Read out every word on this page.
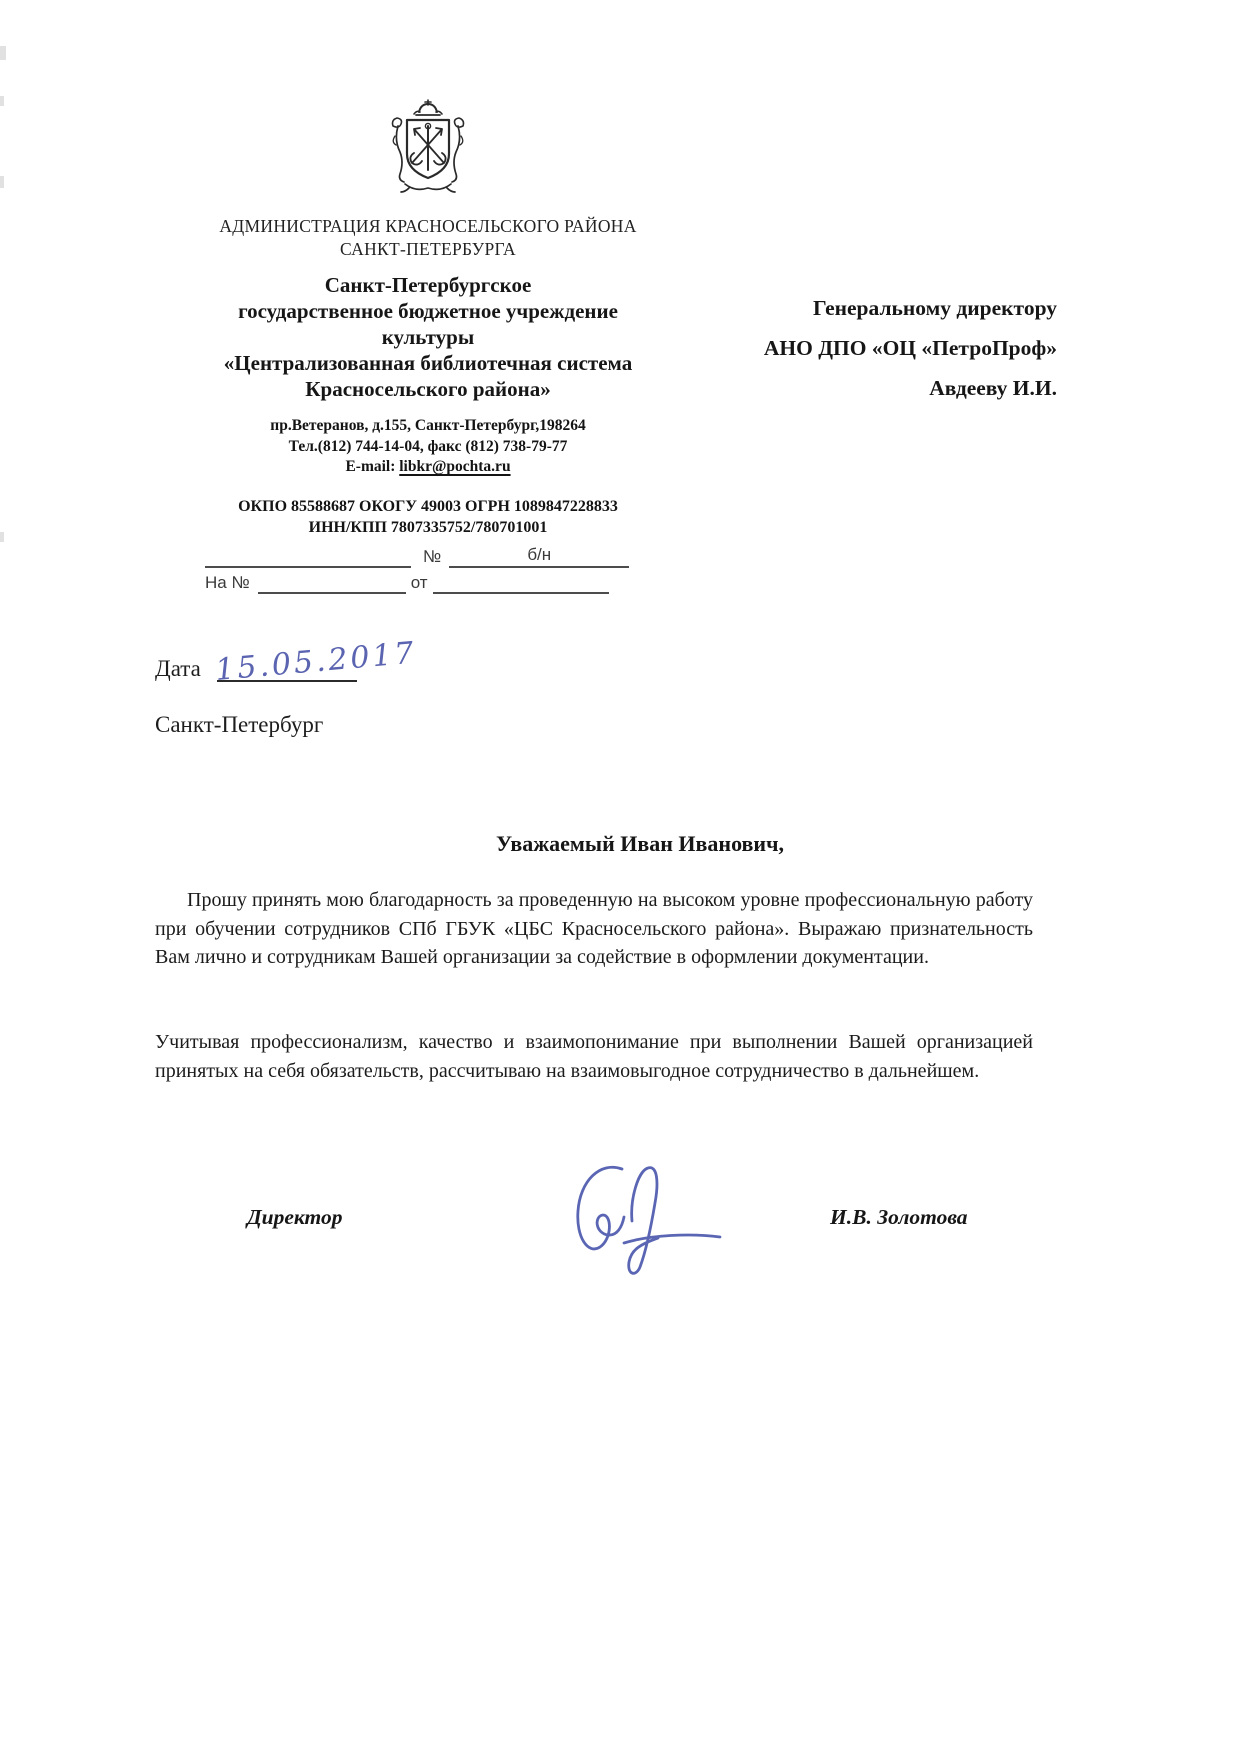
АДМИНИСТРАЦИЯ КРАСНОСЕЛЬСКОГО РАЙОНА
САНКТ-ПЕТЕРБУРГА
Санкт-Петербургское
государственное бюджетное учреждение
культуры
«Централизованная библиотечная система
Красносельского района»
Генеральному директору
АНО ДПО «ОЦ «ПетроПроф»
Авдееву И.И.
пр.Ветеранов, д.155, Санкт-Петербург,198264
Тел.(812) 744-14-04, факс (812) 738-79-77
E-mail: libkr@pochta.ru
ОКПО 85588687 ОКОГУ 49003 ОГРН 1089847228833
ИНН/КПП 7807335752/780701001
№	б/н
На №	от
Дата 15.05.2017
Санкт-Петербург
Уважаемый Иван Иванович,
Прошу принять мою благодарность за проведенную на высоком уровне профессиональную работу при обучении сотрудников СПб ГБУК «ЦБС Красносельского района». Выражаю признательность Вам лично и сотрудникам Вашей организации за содействие в оформлении документации.
Учитывая профессионализм, качество и взаимопонимание при выполнении Вашей организацией принятых на себя обязательств, рассчитываю на взаимовыгодное сотрудничество в дальнейшем.
Директор	И.В. Золотова
